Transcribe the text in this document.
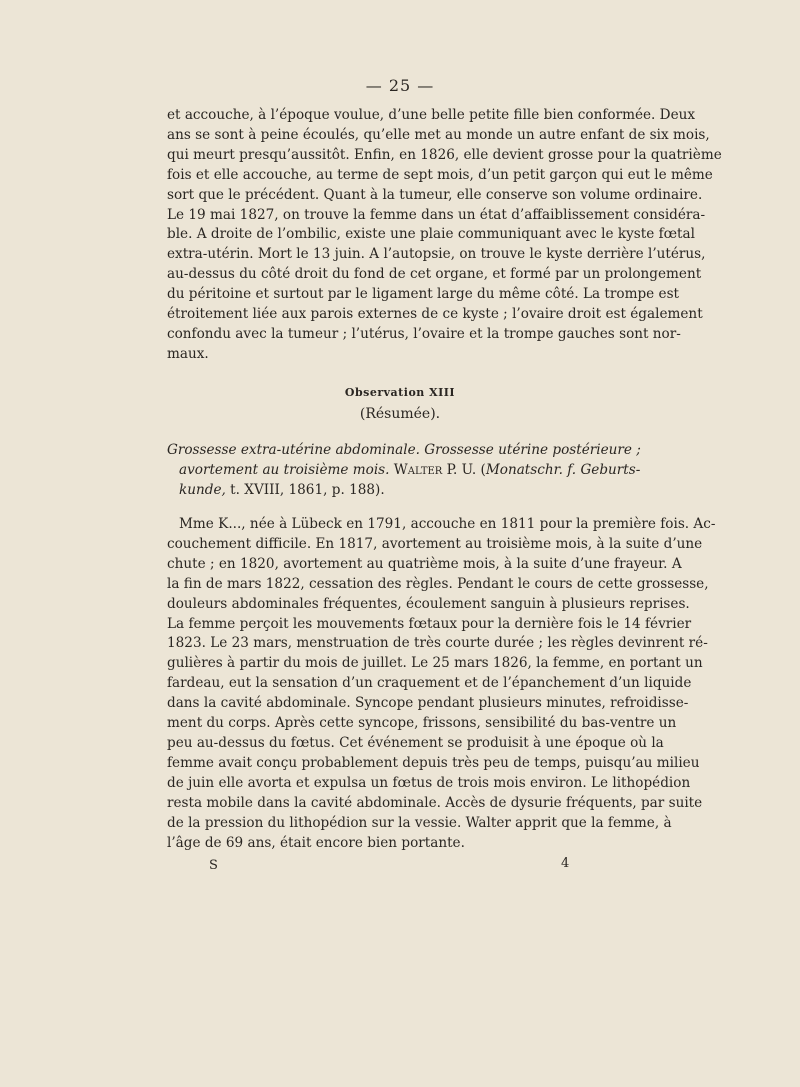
— 25 —
et accouche, à l’époque voulue, d’une belle petite fille bien conformée. Deux
ans se sont à peine écoulés, qu’elle met au monde un autre enfant de six mois,
qui meurt presqu’aussitôt. Enfin, en 1826, elle devient grosse pour la quatrième
fois et elle accouche, au terme de sept mois, d’un petit garçon qui eut le même
sort que le précédent. Quant à la tumeur, elle conserve son volume ordinaire.
Le 19 mai 1827, on trouve la femme dans un état d’affaiblissement considéra-
ble. A droite de l’ombilic, existe une plaie communiquant avec le kyste fœtal
extra-utérin. Mort le 13 juin. A l’autopsie, on trouve le kyste derrière l’utérus,
au-dessus du côté droit du fond de cet organe, et formé par un prolongement
du péritoine et surtout par le ligament large du même côté. La trompe est
étroitement liée aux parois externes de ce kyste ; l’ovaire droit est également
confondu avec la tumeur ; l’utérus, l’ovaire et la trompe gauches sont nor-
maux.
Observation XIII
(Résumée).
Grossesse extra-utérine abdominale. Grossesse utérine postérieure ;
avortement au troisième mois. Walter P. U. (Monatschr. f. Geburts-
kunde, t. XVIII, 1861, p. 188).
Mme K..., née à Lübeck en 1791, accouche en 1811 pour la première fois. Ac-
couchement difficile. En 1817, avortement au troisième mois, à la suite d’une
chute ; en 1820, avortement au quatrième mois, à la suite d’une frayeur. A
la fin de mars 1822, cessation des règles. Pendant le cours de cette grossesse,
douleurs abdominales fréquentes, écoulement sanguin à plusieurs reprises.
La femme perçoit les mouvements fœtaux pour la dernière fois le 14 février
1823. Le 23 mars, menstruation de très courte durée ; les règles devinrent ré-
gulières à partir du mois de juillet. Le 25 mars 1826, la femme, en portant un
fardeau, eut la sensation d’un craquement et de l’épanchement d’un liquide
dans la cavité abdominale. Syncope pendant plusieurs minutes, refroidisse-
ment du corps. Après cette syncope, frissons, sensibilité du bas-ventre un
peu au-dessus du fœtus. Cet événement se produisit à une époque où la
femme avait conçu probablement depuis très peu de temps, puisqu’au milieu
de juin elle avorta et expulsa un fœtus de trois mois environ. Le lithopédion
resta mobile dans la cavité abdominale. Accès de dysurie fréquents, par suite
de la pression du lithopédion sur la vessie. Walter apprit que la femme, à
l’âge de 69 ans, était encore bien portante.
S	4
